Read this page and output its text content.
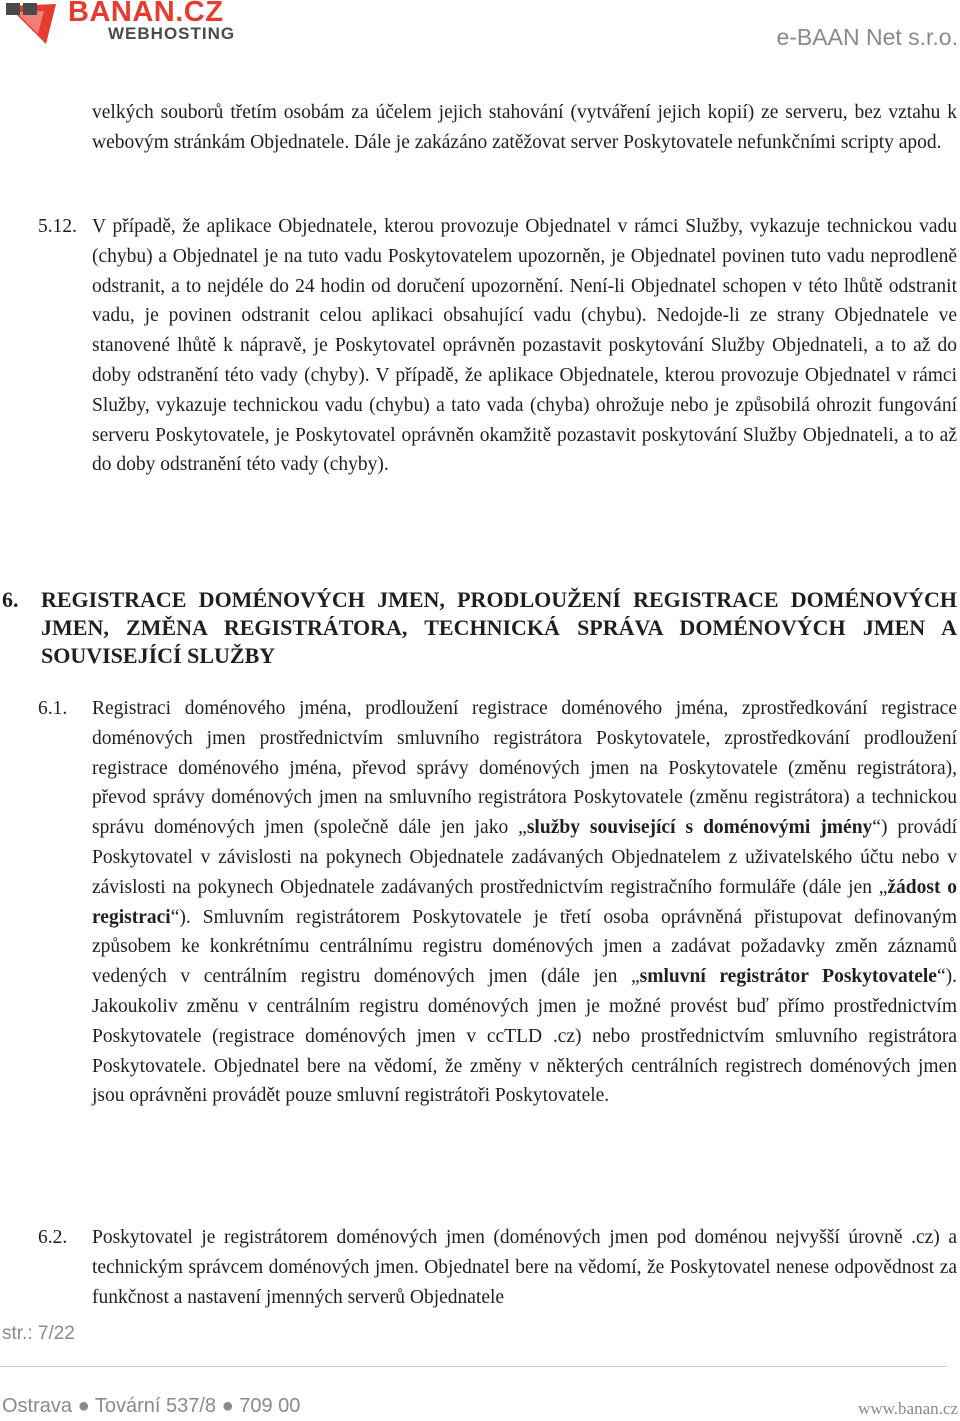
BANAN.CZ
WEBHOSTING	e-BAAN Net s.r.o.
velkých souborů třetím osobám za účelem jejich stahování (vytváření jejich kopií) ze serveru, bez vztahu k webovým stránkám Objednatele. Dále je zakázáno zatěžovat server Poskytovatele nefunkčními scripty apod.
5.12. V případě, že aplikace Objednatele, kterou provozuje Objednatel v rámci Služby, vykazuje technickou vadu (chybu) a Objednatel je na tuto vadu Poskytovatelem upozorněn, je Objednatel povinen tuto vadu neprodleně odstranit, a to nejdéle do 24 hodin od doručení upozornění. Není-li Objednatel schopen v této lhůtě odstranit vadu, je povinen odstranit celou aplikaci obsahující vadu (chybu). Nedojde-li ze strany Objednatele ve stanovené lhůtě k nápravě, je Poskytovatel oprávněn pozastavit poskytování Služby Objednateli, a to až do doby odstranění této vady (chyby). V případě, že aplikace Objednatele, kterou provozuje Objednatel v rámci Služby, vykazuje technickou vadu (chybu) a tato vada (chyba) ohrožuje nebo je způsobilá ohrozit fungování serveru Poskytovatele, je Poskytovatel oprávněn okamžitě pozastavit poskytování Služby Objednateli, a to až do doby odstranění této vady (chyby).
6. REGISTRACE DOMÉNOVÝCH JMEN, PRODLOUŽENÍ REGISTRACE DOMÉNOVÝCH JMEN, ZMĚNA REGISTRÁTORA, TECHNICKÁ SPRÁVA DOMÉNOVÝCH JMEN A SOUVISEJÍCÍ SLUŽBY
6.1. Registraci doménového jména, prodloužení registrace doménového jména, zprostředkování registrace doménových jmen prostřednictvím smluvního registrátora Poskytovatele, zprostředkování prodloužení registrace doménového jména, převod správy doménových jmen na Poskytovatele (změnu registrátora), převod správy doménových jmen na smluvního registrátora Poskytovatele (změnu registrátora) a technickou správu doménových jmen (společně dále jen jako „služby související s doménovými jmény“) provádí Poskytovatel v závislosti na pokynech Objednatele zadávaných Objednatelem z uživatelského účtu nebo v závislosti na pokynech Objednatele zadávaných prostřednictvím registračního formuláře (dále jen „žádost o registraci“). Smluvním registrátorem Poskytovatele je třetí osoba oprávněná přistupovat definovaným způsobem ke konkrétnímu centrálnímu registru doménových jmen a zadávat požadavky změn záznamů vedených v centrálním registru doménových jmen (dále jen „smluvní registrátor Poskytovatele“). Jakoukoliv změnu v centrálním registru doménových jmen je možné provést buď přímo prostřednictvím Poskytovatele (registrace doménových jmen v ccTLD .cz) nebo prostřednictvím smluvního registrátora Poskytovatele. Objednatel bere na vědomí, že změny v některých centrálních registrech doménových jmen jsou oprávněni provádět pouze smluvní registrátoři Poskytovatele.
6.2. Poskytovatel je registrátorem doménových jmen (doménových jmen pod doménou nejvyšší úrovně .cz) a technickým správcem doménových jmen. Objednatel bere na vědomí, že Poskytovatel nenese odpovědnost za funkčnost a nastavení jmenných serverů Objednatele
str.: 7/22
Ostrava ● Tovární 537/8 ● 709 00	www.banan.cz
